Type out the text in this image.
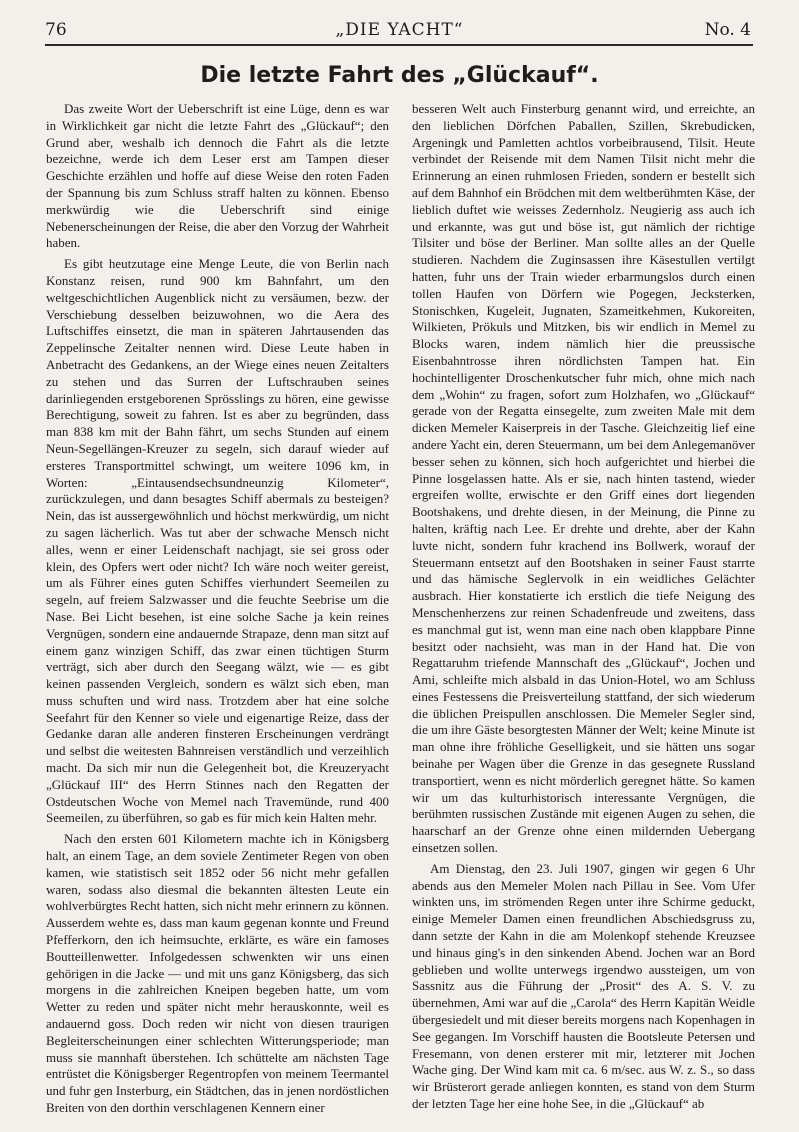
76	„DIE YACHT“	No. 4
Die letzte Fahrt des „Glückauf“.

Das zweite Wort der Ueberschrift ist eine Lüge, denn es war in Wirklichkeit gar nicht die letzte Fahrt des „Glückauf“; den Grund aber, weshalb ich dennoch die Fahrt als die letzte bezeichne, werde ich dem Leser erst am Tampen dieser Geschichte erzählen und hoffe auf diese Weise den roten Faden der Spannung bis zum Schluss straff halten zu können. Ebenso merkwürdig wie die Ueberschrift sind einige Nebenerscheinungen der Reise, die aber den Vorzug der Wahrheit haben.

Es gibt heutzutage eine Menge Leute, die von Berlin nach Konstanz reisen, rund 900 km Bahnfahrt, um den weltgeschichtlichen Augenblick nicht zu versäumen, bezw. der Verschiebung desselben beizuwohnen, wo die Aera des Luftschiffes einsetzt, die man in späteren Jahrtausenden das Zeppelinsche Zeitalter nennen wird. Diese Leute haben in Anbetracht des Gedankens, an der Wiege eines neuen Zeitalters zu stehen und das Surren der Luftschrauben seines darinliegenden erstgeborenen Sprösslings zu hören, eine gewisse Berechtigung, soweit zu fahren. Ist es aber zu begründen, dass man 838 km mit der Bahn fährt, um sechs Stunden auf einem Neun-Segellängen-Kreuzer zu segeln, sich darauf wieder auf ersteres Transportmittel schwingt, um weitere 1096 km, in Worten: „Eintausendsechsundneunzig Kilometer“, zurückzulegen, und dann besagtes Schiff abermals zu besteigen? Nein, das ist aussergewöhnlich und höchst merkwürdig, um nicht zu sagen lächerlich. Was tut aber der schwache Mensch nicht alles, wenn er einer Leidenschaft nachjagt, sie sei gross oder klein, des Opfers wert oder nicht? Ich wäre noch weiter gereist, um als Führer eines guten Schiffes vierhundert Seemeilen zu segeln, auf freiem Salzwasser und die feuchte Seebrise um die Nase. Bei Licht besehen, ist eine solche Sache ja kein reines Vergnügen, sondern eine andauernde Strapaze, denn man sitzt auf einem ganz winzigen Schiff, das zwar einen tüchtigen Sturm verträgt, sich aber durch den Seegang wälzt, wie — es gibt keinen passenden Vergleich, sondern es wälzt sich eben, man muss schuften und wird nass. Trotzdem aber hat eine solche Seefahrt für den Kenner so viele und eigenartige Reize, dass der Gedanke daran alle anderen finsteren Erscheinungen verdrängt und selbst die weitesten Bahnreisen verständlich und verzeihlich macht. Da sich mir nun die Gelegenheit bot, die Kreuzeryacht „Glückauf III“ des Herrn Stinnes nach den Regatten der Ostdeutschen Woche von Memel nach Travemünde, rund 400 Seemeilen, zu überführen, so gab es für mich kein Halten mehr.

Nach den ersten 601 Kilometern machte ich in Königsberg halt, an einem Tage, an dem soviele Zentimeter Regen von oben kamen, wie statistisch seit 1852 oder 56 nicht mehr gefallen waren, sodass also diesmal die bekannten ältesten Leute ein wohlverbürgtes Recht hatten, sich nicht mehr erinnern zu können. Ausserdem wehte es, dass man kaum gegenan konnte und Freund Pfefferkorn, den ich heimsuchte, erklärte, es wäre ein famoses Boutteillenwetter. Infolgedessen schwenkten wir uns einen gehörigen in die Jacke — und mit uns ganz Königsberg, das sich morgens in die zahlreichen Kneipen begeben hatte, um vom Wetter zu reden und später nicht mehr herauskonnte, weil es andauernd goss. Doch reden wir nicht von diesen traurigen Begleiterscheinungen einer schlechten Witterungsperiode; man muss sie mannhaft überstehen. Ich schüttelte am nächsten Tage entrüstet die Königsberger Regentropfen von meinem Teermantel und fuhr gen Insterburg, ein Städtchen, das in jenen nordöstlichen Breiten von den dorthin verschlagenen Kennern einer

besseren Welt auch Finsterburg genannt wird, und erreichte, an den lieblichen Dörfchen Paballen, Szillen, Skrebudicken, Argeningk und Pamletten achtlos vorbeibrausend, Tilsit. Heute verbindet der Reisende mit dem Namen Tilsit nicht mehr die Erinnerung an einen ruhmlosen Frieden, sondern er bestellt sich auf dem Bahnhof ein Brödchen mit dem weltberühmten Käse, der lieblich duftet wie weisses Zedernholz. Neugierig ass auch ich und erkannte, was gut und böse ist, gut nämlich der richtige Tilsiter und böse der Berliner. Man sollte alles an der Quelle studieren. Nachdem die Zuginsassen ihre Käsestullen vertilgt hatten, fuhr uns der Train wieder erbarmungslos durch einen tollen Haufen von Dörfern wie Pogegen, Jecksterken, Stonischken, Kugeleit, Jugnaten, Szameitkehmen, Kukoreiten, Wilkieten, Prökuls und Mitzken, bis wir endlich in Memel zu Blocks waren, indem nämlich hier die preussische Eisenbahntrosse ihren nördlichsten Tampen hat. Ein hochintelligenter Droschenkutscher fuhr mich, ohne mich nach dem „Wohin“ zu fragen, sofort zum Holzhafen, wo „Glückauf“ gerade von der Regatta einsegelte, zum zweiten Male mit dem dicken Memeler Kaiserpreis in der Tasche. Gleichzeitig lief eine andere Yacht ein, deren Steuermann, um bei dem Anlegemanöver besser sehen zu können, sich hoch aufgerichtet und hierbei die Pinne losgelassen hatte. Als er sie, nach hinten tastend, wieder ergreifen wollte, erwischte er den Griff eines dort liegenden Bootshakens, und drehte diesen, in der Meinung, die Pinne zu halten, kräftig nach Lee. Er drehte und drehte, aber der Kahn luvte nicht, sondern fuhr krachend ins Bollwerk, worauf der Steuermann entsetzt auf den Bootshaken in seiner Faust starrte und das hämische Seglervolk in ein weidliches Gelächter ausbrach. Hier konstatierte ich erstlich die tiefe Neigung des Menschenherzens zur reinen Schadenfreude und zweitens, dass es manchmal gut ist, wenn man eine nach oben klappbare Pinne besitzt oder nachsieht, was man in der Hand hat. Die von Regattaruhm triefende Mannschaft des „Glückauf“, Jochen und Ami, schleifte mich alsbald in das Union-Hotel, wo am Schluss eines Festessens die Preisverteilung stattfand, der sich wiederum die üblichen Preispullen anschlossen. Die Memeler Segler sind, die um ihre Gäste besorgtesten Männer der Welt; keine Minute ist man ohne ihre fröhliche Geselligkeit, und sie hätten uns sogar beinahe per Wagen über die Grenze in das gesegnete Russland transportiert, wenn es nicht mörderlich geregnet hätte. So kamen wir um das kulturhistorisch interessante Vergnügen, die berühmten russischen Zustände mit eigenen Augen zu sehen, die haarscharf an der Grenze ohne einen mildernden Uebergang einsetzen sollen.

Am Dienstag, den 23. Juli 1907, gingen wir gegen 6 Uhr abends aus den Memeler Molen nach Pillau in See. Vom Ufer winkten uns, im strömenden Regen unter ihre Schirme geduckt, einige Memeler Damen einen freundlichen Abschiedsgruss zu, dann setzte der Kahn in die am Molenkopf stehende Kreuzsee und hinaus ging's in den sinkenden Abend. Jochen war an Bord geblieben und wollte unterwegs irgendwo aussteigen, um von Sassnitz aus die Führung der „Prosit“ des A. S. V. zu übernehmen, Ami war auf die „Carola“ des Herrn Kapitän Weidle übergesiedelt und mit dieser bereits morgens nach Kopenhagen in See gegangen. Im Vorschiff hausten die Bootsleute Petersen und Fresemann, von denen ersterer mit mir, letzterer mit Jochen Wache ging. Der Wind kam mit ca. 6 m/sec. aus W. z. S., so dass wir Brüsterort gerade anliegen konnten, es stand von dem Sturm der letzten Tage her eine hohe See, in die „Glückauf“ ab
